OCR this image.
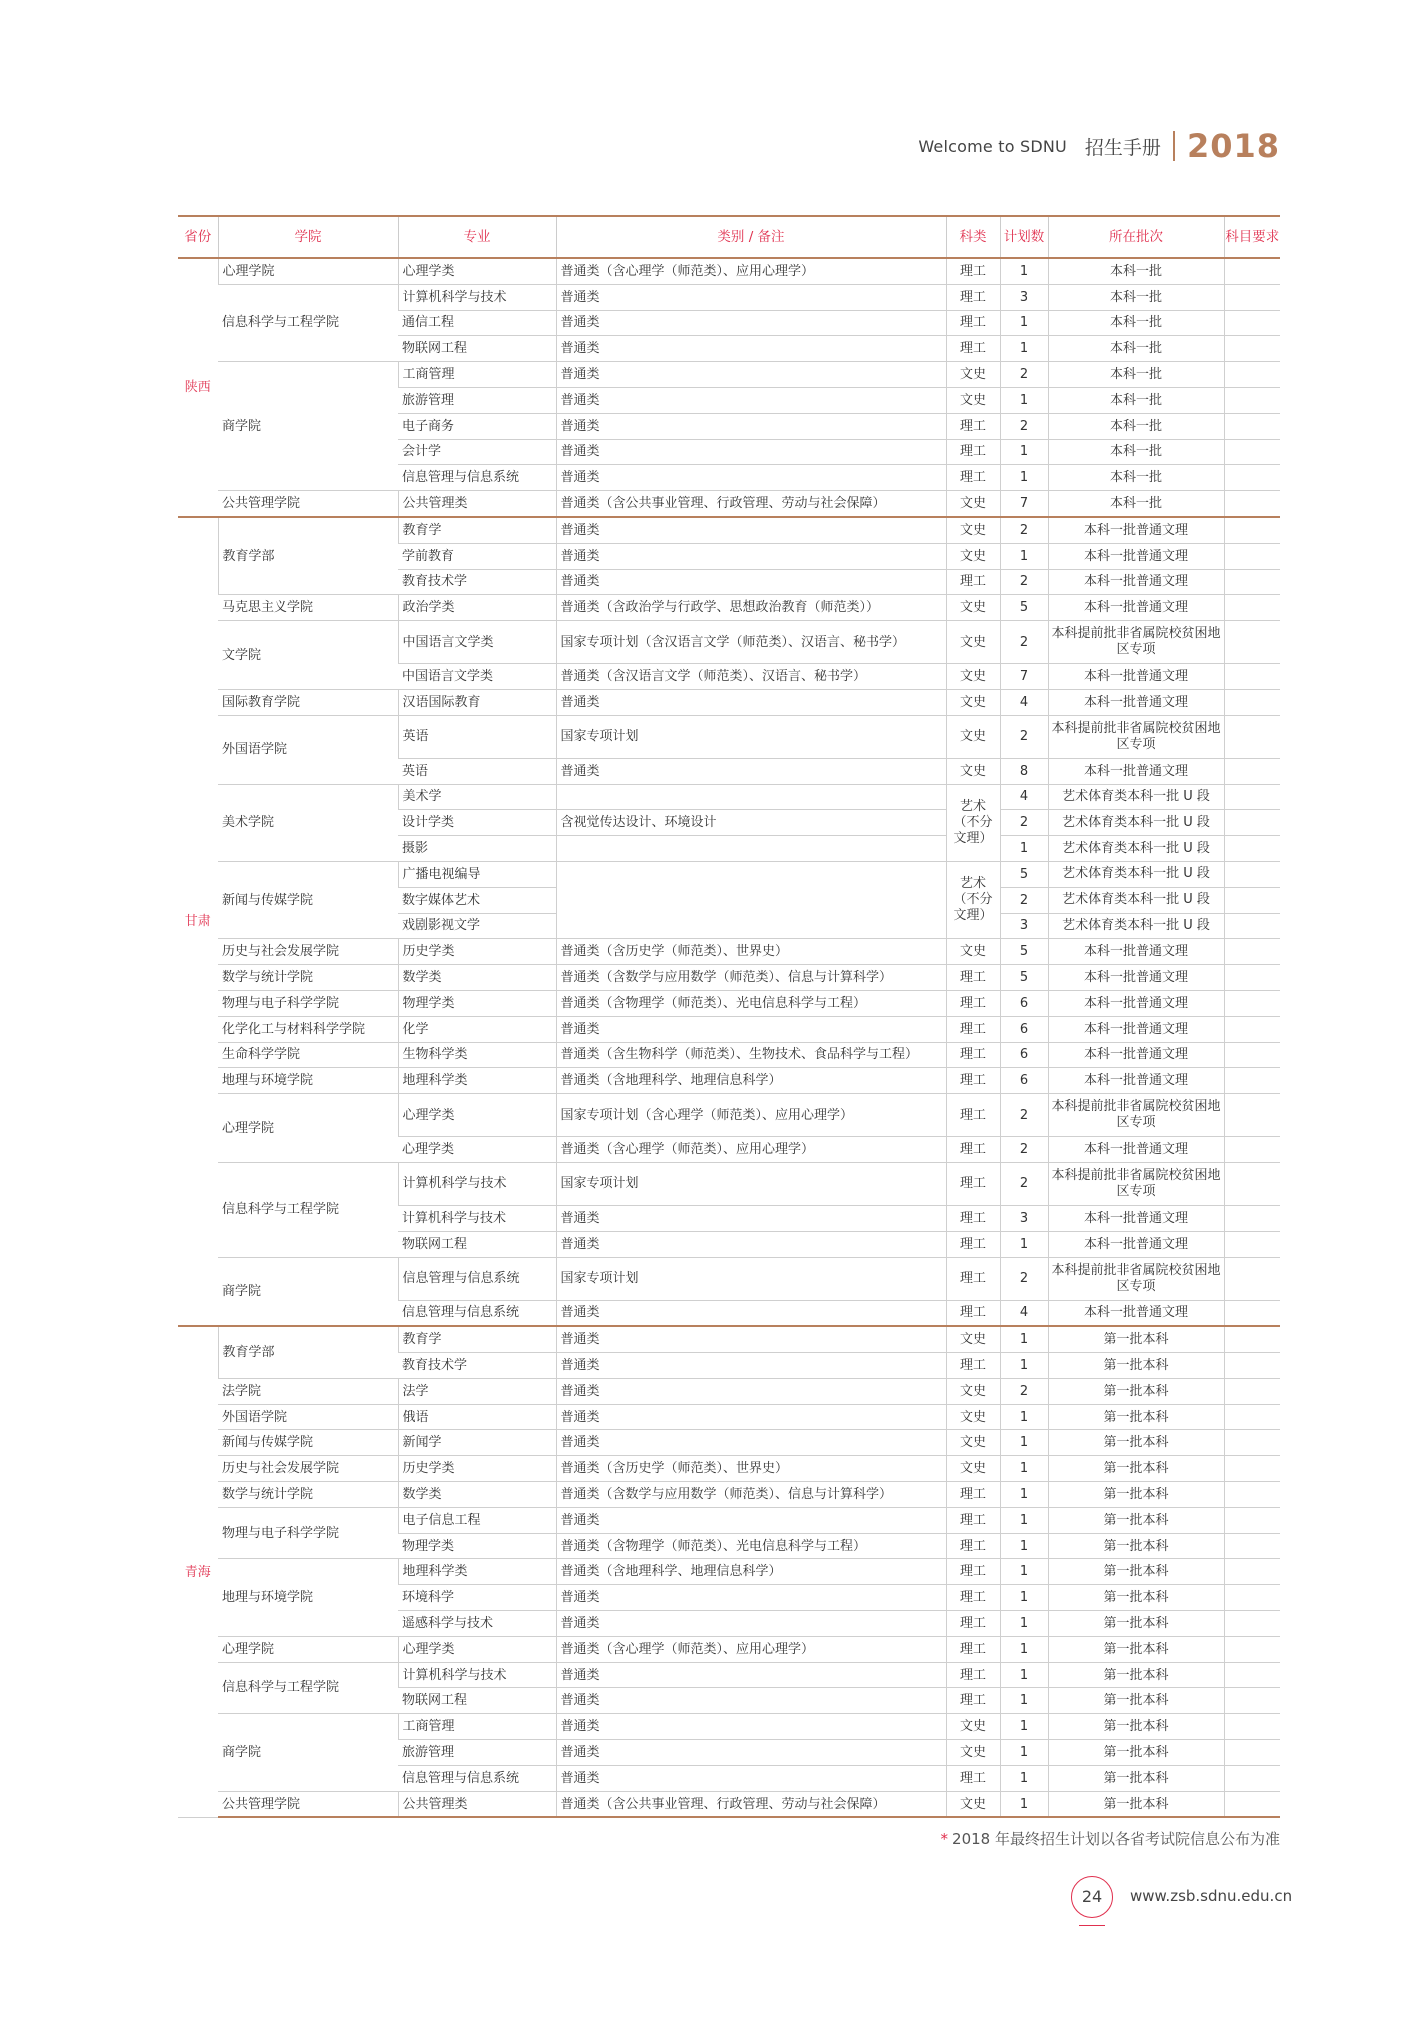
Welcome to SDNU 招生手册 2018
省份	学院	专业	类别 / 备注	科类	计划数	所在批次	科目要求
陕西	心理学院	心理学类	普通类（含心理学（师范类）、应用心理学）	理工	1	本科一批	
	信息科学与工程学院	计算机科学与技术	普通类	理工	3	本科一批	
		通信工程	普通类	理工	1	本科一批	
		物联网工程	普通类	理工	1	本科一批	
	商学院	工商管理	普通类	文史	2	本科一批	
		旅游管理	普通类	文史	1	本科一批	
		电子商务	普通类	理工	2	本科一批	
		会计学	普通类	理工	1	本科一批	
		信息管理与信息系统	普通类	理工	1	本科一批	
	公共管理学院	公共管理类	普通类（含公共事业管理、行政管理、劳动与社会保障）	文史	7	本科一批	
甘肃	教育学部	教育学	普通类	文史	2	本科一批普通文理	
		学前教育	普通类	文史	1	本科一批普通文理	
		教育技术学	普通类	理工	2	本科一批普通文理	
	马克思主义学院	政治学类	普通类（含政治学与行政学、思想政治教育（师范类））	文史	5	本科一批普通文理	
	文学院	中国语言文学类	国家专项计划（含汉语言文学（师范类）、汉语言、秘书学）	文史	2	本科提前批非省属院校贫困地区专项	
		中国语言文学类	普通类（含汉语言文学（师范类）、汉语言、秘书学）	文史	7	本科一批普通文理	
	国际教育学院	汉语国际教育	普通类	文史	4	本科一批普通文理	
	外国语学院	英语	国家专项计划	文史	2	本科提前批非省属院校贫困地区专项	
		英语	普通类	文史	8	本科一批普通文理	
	美术学院	美术学		艺术（不分文理）	4	艺术体育类本科一批 U 段	
		设计学类	含视觉传达设计、环境设计		2	艺术体育类本科一批 U 段	
		摄影			1	艺术体育类本科一批 U 段	
	新闻与传媒学院	广播电视编导		艺术（不分文理）	5	艺术体育类本科一批 U 段	
		数字媒体艺术			2	艺术体育类本科一批 U 段	
		戏剧影视文学			3	艺术体育类本科一批 U 段	
	历史与社会发展学院	历史学类	普通类（含历史学（师范类）、世界史）	文史	5	本科一批普通文理	
	数学与统计学院	数学类	普通类（含数学与应用数学（师范类）、信息与计算科学）	理工	5	本科一批普通文理	
	物理与电子科学学院	物理学类	普通类（含物理学（师范类）、光电信息科学与工程）	理工	6	本科一批普通文理	
	化学化工与材料科学学院	化学	普通类	理工	6	本科一批普通文理	
	生命科学学院	生物科学类	普通类（含生物科学（师范类）、生物技术、食品科学与工程）	理工	6	本科一批普通文理	
	地理与环境学院	地理科学类	普通类（含地理科学、地理信息科学）	理工	6	本科一批普通文理	
	心理学院	心理学类	国家专项计划（含心理学（师范类）、应用心理学）	理工	2	本科提前批非省属院校贫困地区专项	
		心理学类	普通类（含心理学（师范类）、应用心理学）	理工	2	本科一批普通文理	
	信息科学与工程学院	计算机科学与技术	国家专项计划	理工	2	本科提前批非省属院校贫困地区专项	
		计算机科学与技术	普通类	理工	3	本科一批普通文理	
		物联网工程	普通类	理工	1	本科一批普通文理	
	商学院	信息管理与信息系统	国家专项计划	理工	2	本科提前批非省属院校贫困地区专项	
		信息管理与信息系统	普通类	理工	4	本科一批普通文理	
青海	教育学部	教育学	普通类	文史	1	第一批本科	
		教育技术学	普通类	理工	1	第一批本科	
	法学院	法学	普通类	文史	2	第一批本科	
	外国语学院	俄语	普通类	文史	1	第一批本科	
	新闻与传媒学院	新闻学	普通类	文史	1	第一批本科	
	历史与社会发展学院	历史学类	普通类（含历史学（师范类）、世界史）	文史	1	第一批本科	
	数学与统计学院	数学类	普通类（含数学与应用数学（师范类）、信息与计算科学）	理工	1	第一批本科	
	物理与电子科学学院	电子信息工程	普通类	理工	1	第一批本科	
		物理学类	普通类（含物理学（师范类）、光电信息科学与工程）	理工	1	第一批本科	
	地理与环境学院	地理科学类	普通类（含地理科学、地理信息科学）	理工	1	第一批本科	
		环境科学	普通类	理工	1	第一批本科	
		遥感科学与技术	普通类	理工	1	第一批本科	
	心理学院	心理学类	普通类（含心理学（师范类）、应用心理学）	理工	1	第一批本科	
	信息科学与工程学院	计算机科学与技术	普通类	理工	1	第一批本科	
		物联网工程	普通类	理工	1	第一批本科	
	商学院	工商管理	普通类	文史	1	第一批本科	
		旅游管理	普通类	文史	1	第一批本科	
		信息管理与信息系统	普通类	理工	1	第一批本科	
	公共管理学院	公共管理类	普通类（含公共事业管理、行政管理、劳动与社会保障）	文史	1	第一批本科	
* 2018 年最终招生计划以各省考试院信息公布为准
24	www.zsb.sdnu.edu.cn
